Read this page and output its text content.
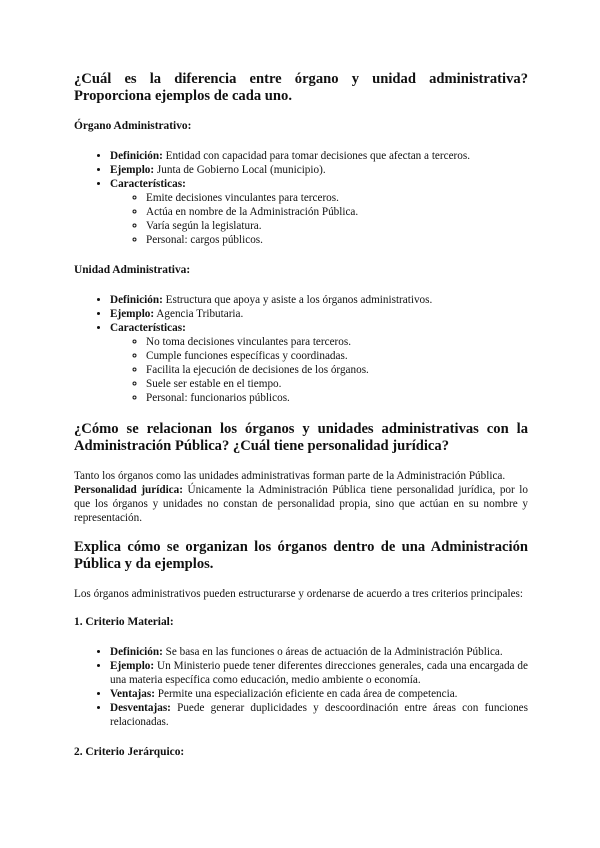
¿Cuál es la diferencia entre órgano y unidad administrativa? Proporciona ejemplos de cada uno.
Órgano Administrativo:
• Definición: Entidad con capacidad para tomar decisiones que afectan a terceros.
• Ejemplo: Junta de Gobierno Local (municipio).
• Características:
◦ Emite decisiones vinculantes para terceros.
◦ Actúa en nombre de la Administración Pública.
◦ Varía según la legislatura.
◦ Personal: cargos públicos.
Unidad Administrativa:
• Definición: Estructura que apoya y asiste a los órganos administrativos.
• Ejemplo: Agencia Tributaria.
• Características:
◦ No toma decisiones vinculantes para terceros.
◦ Cumple funciones específicas y coordinadas.
◦ Facilita la ejecución de decisiones de los órganos.
◦ Suele ser estable en el tiempo.
◦ Personal: funcionarios públicos.
¿Cómo se relacionan los órganos y unidades administrativas con la Administración Pública? ¿Cuál tiene personalidad jurídica?

Tanto los órganos como las unidades administrativas forman parte de la Administración Pública.

Personalidad jurídica: Únicamente la Administración Pública tiene personalidad jurídica, por lo que los órganos y unidades no constan de personalidad propia, sino que actúan en su nombre y representación.

Explica cómo se organizan los órganos dentro de una Administración Pública y da ejemplos.

Los órganos administrativos pueden estructurarse y ordenarse de acuerdo a tres criterios principales:

1. Criterio Material:
• Definición: Se basa en las funciones o áreas de actuación de la Administración Pública.
• Ejemplo: Un Ministerio puede tener diferentes direcciones generales, cada una encargada de una materia específica como educación, medio ambiente o economía.
• Ventajas: Permite una especialización eficiente en cada área de competencia.
• Desventajas: Puede generar duplicidades y descoordinación entre áreas con funciones relacionadas.
2. Criterio Jerárquico:
